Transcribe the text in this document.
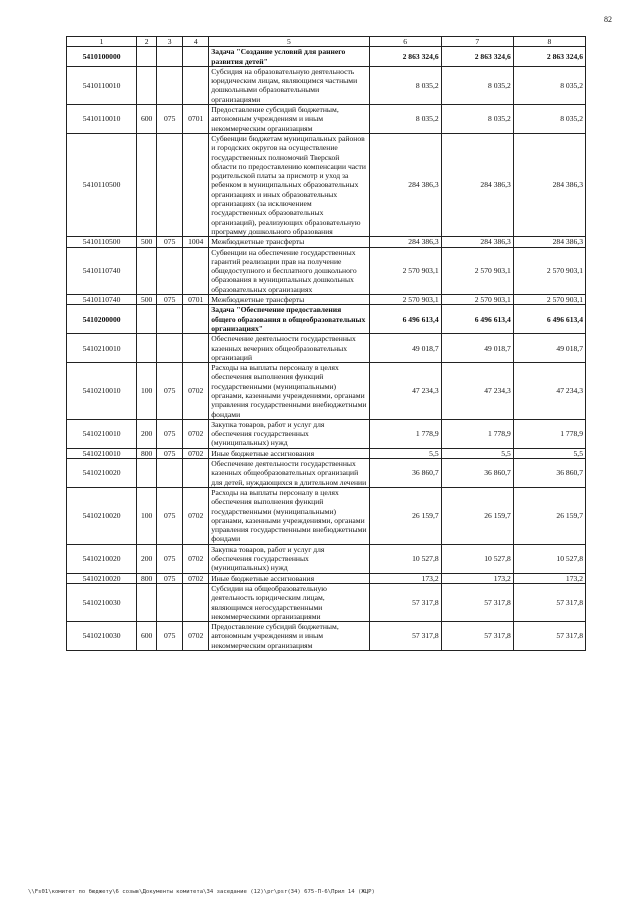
82
1	2	3	4	5	6	7	8
5410100000				Задача "Создание условий для раннего развития детей"	2 863 324,6	2 863 324,6	2 863 324,6
5410110010				Субсидия на образовательную деятельность юридическим лицам, являющимся частными дошкольными образовательными организациями	8 035,2	8 035,2	8 035,2
5410110010	600	075	0701	Предоставление субсидий бюджетным, автономным учреждениям и иным некоммерческим организациям	8 035,2	8 035,2	8 035,2
5410110500				Субвенции бюджетам муниципальных районов и городских округов на осуществление государственных полномочий Тверской области по предоставлению компенсации части родительской платы за присмотр и уход за ребенком в муниципальных образовательных организациях и иных образовательных организациях (за исключением государственных образовательных организаций), реализующих образовательную программу дошкольного образования	284 386,3	284 386,3	284 386,3
5410110500	500	075	1004	Межбюджетные трансферты	284 386,3	284 386,3	284 386,3
5410110740				Субвенции на обеспечение государственных гарантий реализации прав на получение общедоступного и бесплатного дошкольного образования в муниципальных дошкольных образовательных организациях	2 570 903,1	2 570 903,1	2 570 903,1
5410110740	500	075	0701	Межбюджетные трансферты	2 570 903,1	2 570 903,1	2 570 903,1
5410200000				Задача "Обеспечение предоставления общего образования в общеобразовательных организациях"	6 496 613,4	6 496 613,4	6 496 613,4
5410210010				Обеспечение деятельности государственных казенных вечерних общеобразовательных организаций	49 018,7	49 018,7	49 018,7
5410210010	100	075	0702	Расходы на выплаты персоналу в целях обеспечения выполнения функций государственными (муниципальными) органами, казенными учреждениями, органами управления государственными внебюджетными фондами	47 234,3	47 234,3	47 234,3
5410210010	200	075	0702	Закупка товаров, работ и услуг для обеспечения государственных (муниципальных) нужд	1 778,9	1 778,9	1 778,9
5410210010	800	075	0702	Иные бюджетные ассигнования	5,5	5,5	5,5
5410210020				Обеспечение деятельности государственных казенных общеобразовательных организаций для детей, нуждающихся в длительном лечении	36 860,7	36 860,7	36 860,7
5410210020	100	075	0702	Расходы на выплаты персоналу в целях обеспечения выполнения функций государственными (муниципальными) органами, казенными учреждениями, органами управления государственными внебюджетными фондами	26 159,7	26 159,7	26 159,7
5410210020	200	075	0702	Закупка товаров, работ и услуг для обеспечения государственных (муниципальных) нужд	10 527,8	10 527,8	10 527,8
5410210020	800	075	0702	Иные бюджетные ассигнования	173,2	173,2	173,2
5410210030				Субсидии на общеобразовательную деятельность юридическим лицам, являющимся негосударственными некоммерческими организациями	57 317,8	57 317,8	57 317,8
5410210030	600	075	0702	Предоставление субсидий бюджетным, автономным учреждениям и иным некоммерческим организациям	57 317,8	57 317,8	57 317,8
\\Fs01\комитет по бюджету\6 созыв\Документы комитета\34 заседание (12)\pr\psr(34) 675-П-6\Прил 14 (ЖЦР)
